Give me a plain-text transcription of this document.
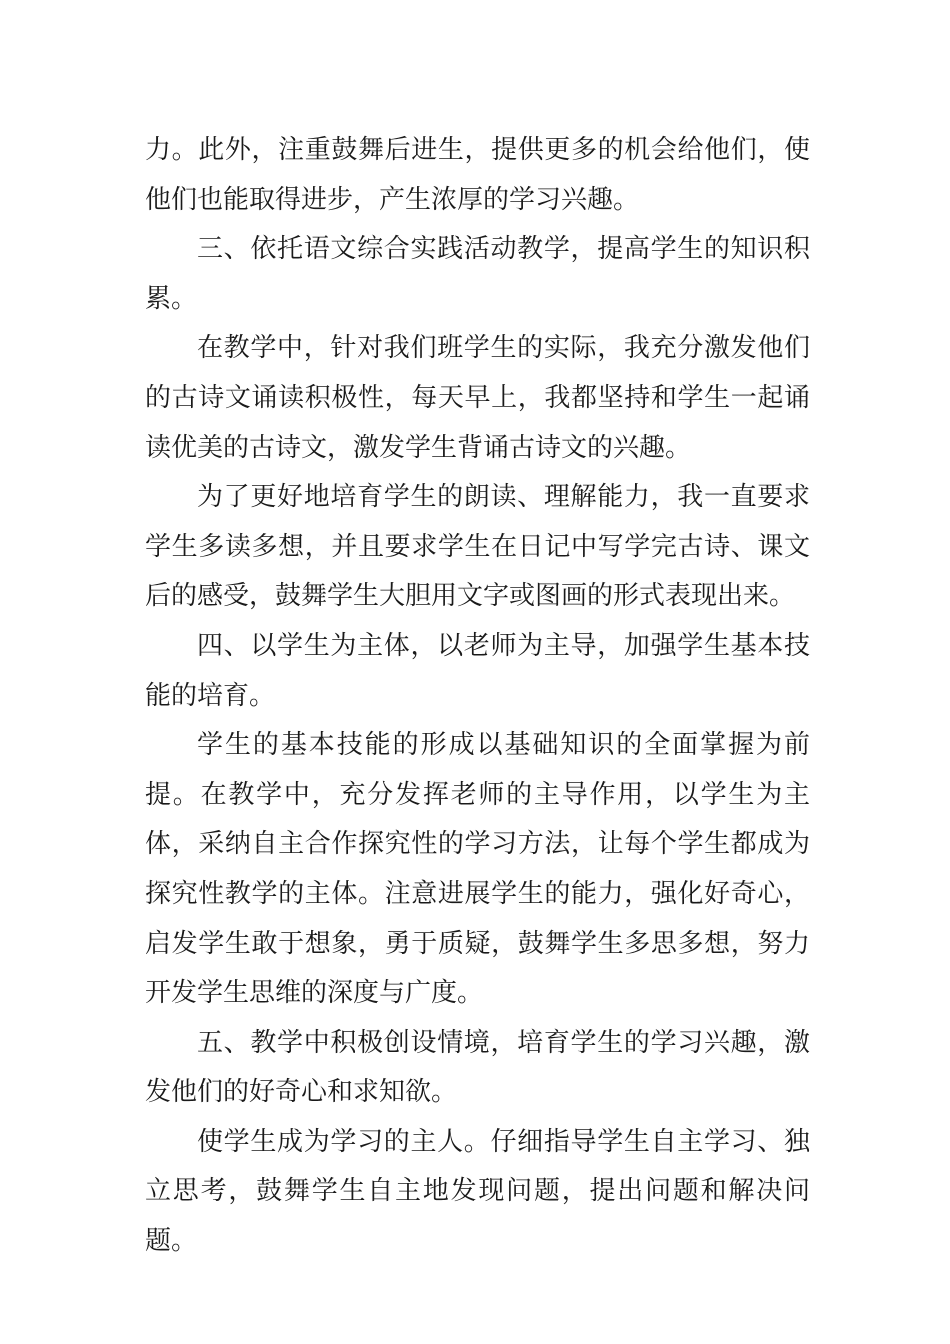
力。此外，注重鼓舞后进生，提供更多的机会给他们，使他们也能取得进步，产生浓厚的学习兴趣。

三、依托语文综合实践活动教学，提高学生的知识积累。

在教学中，针对我们班学生的实际，我充分激发他们的古诗文诵读积极性，每天早上，我都坚持和学生一起诵读优美的古诗文，激发学生背诵古诗文的兴趣。

为了更好地培育学生的朗读、理解能力，我一直要求学生多读多想，并且要求学生在日记中写学完古诗、课文后的感受，鼓舞学生大胆用文字或图画的形式表现出来。

四、以学生为主体，以老师为主导，加强学生基本技能的培育。

学生的基本技能的形成以基础知识的全面掌握为前提。在教学中，充分发挥老师的主导作用，以学生为主体，采纳自主合作探究性的学习方法，让每个学生都成为探究性教学的主体。注意进展学生的能力，强化好奇心，启发学生敢于想象，勇于质疑，鼓舞学生多思多想，努力开发学生思维的深度与广度。

五、教学中积极创设情境，培育学生的学习兴趣，激发他们的好奇心和求知欲。

使学生成为学习的主人。仔细指导学生自主学习、独立思考，鼓舞学生自主地发现问题，提出问题和解决问题。
